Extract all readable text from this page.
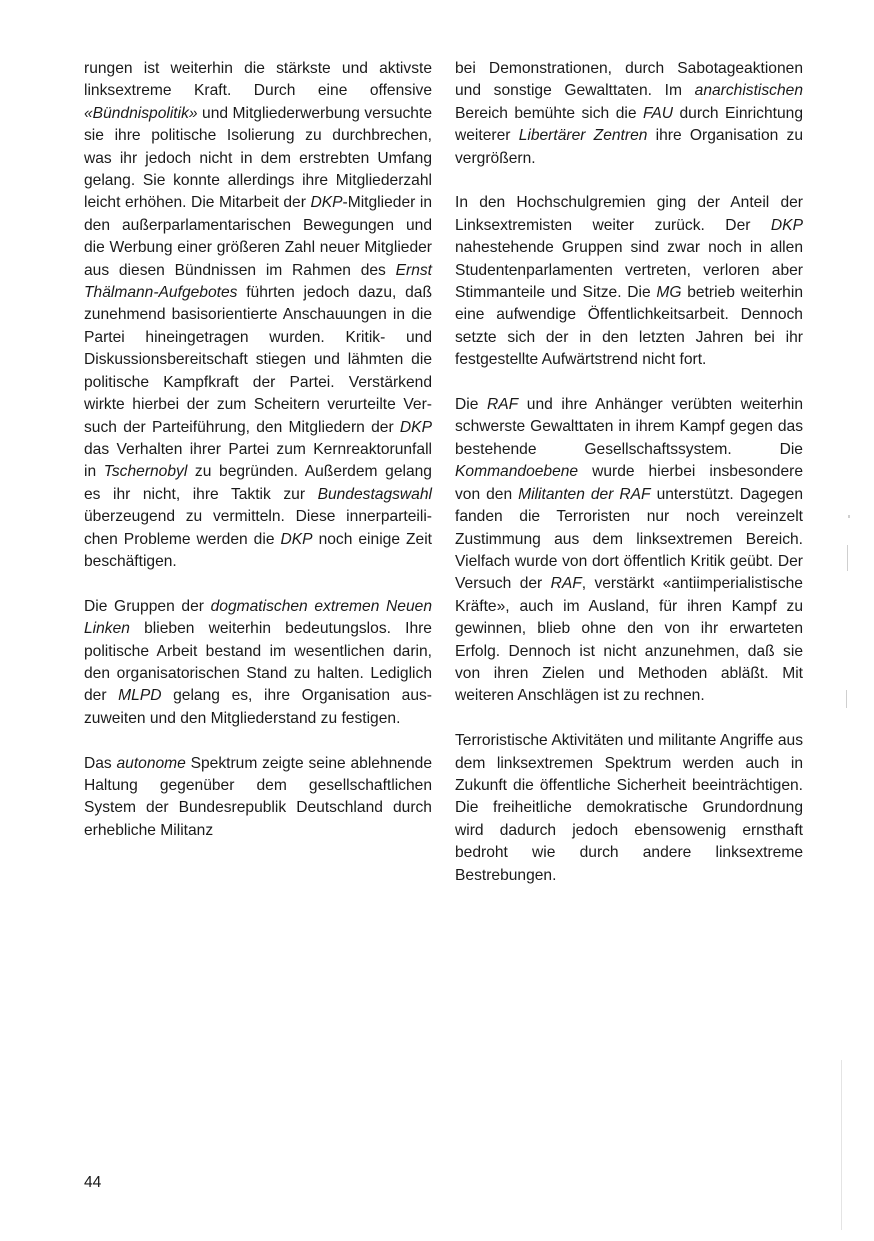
rungen ist weiterhin die stärkste und aktivste linksextreme Kraft. Durch eine offensive «Bündnispolitik» und Mitgliederwerbung versuchte sie ihre politische Isolierung zu durchbrechen, was ihr jedoch nicht in dem erstrebten Umfang gelang. Sie konnte allerdings ihre Mitgliederzahl leicht erhöhen. Die Mitarbeit der DKP-Mitglieder in den außerparlamentarischen Bewegungen und die Werbung einer größeren Zahl neuer Mitglieder aus diesen Bündnissen im Rahmen des Ernst Thälmann-Aufgebotes führten jedoch dazu, daß zunehmend basisorientierte Anschauungen in die Partei hineingetragen wurden. Kritik- und Diskussionsbereitschaft stiegen und lähmten die politische Kampfkraft der Partei. Verstärkend wirkte hierbei der zum Scheitern verurteilte Versuch der Parteiführung, den Mitgliedern der DKP das Verhalten ihrer Partei zum Kernreaktorunfall in Tschernobyl zu begründen. Außerdem gelang es ihr nicht, ihre Taktik zur Bundestagswahl überzeugend zu vermitteln. Diese innerparteilichen Probleme werden die DKP noch einige Zeit beschäftigen.

Die Gruppen der dogmatischen extremen Neuen Linken blieben weiterhin bedeutungslos. Ihre politische Arbeit bestand im wesentlichen darin, den organisatorischen Stand zu halten. Lediglich der MLPD gelang es, ihre Organisation auszuweiten und den Mitgliederstand zu festigen.

Das autonome Spektrum zeigte seine ablehnende Haltung gegenüber dem gesellschaftlichen System der Bundesrepublik Deutschland durch erhebliche Militanz

bei Demonstrationen, durch Sabotageaktionen und sonstige Gewalttaten. Im anarchistischen Bereich bemühte sich die FAU durch Einrichtung weiterer Libertärer Zentren ihre Organisation zu vergrößern.

In den Hochschulgremien ging der Anteil der Linksextremisten weiter zurück. Der DKP nahestehende Gruppen sind zwar noch in allen Studentenparlamenten vertreten, verloren aber Stimmanteile und Sitze. Die MG betrieb weiterhin eine aufwendige Öffentlichkeitsarbeit. Dennoch setzte sich der in den letzten Jahren bei ihr festgestellte Aufwärtstrend nicht fort.

Die RAF und ihre Anhänger verübten weiterhin schwerste Gewalttaten in ihrem Kampf gegen das bestehende Gesellschaftssystem. Die Kommandoebene wurde hierbei insbesondere von den Militanten der RAF unterstützt. Dagegen fanden die Terroristen nur noch vereinzelt Zustimmung aus dem linksextremen Bereich. Vielfach wurde von dort öffentlich Kritik geübt. Der Versuch der RAF, verstärkt «antiimperialistische Kräfte», auch im Ausland, für ihren Kampf zu gewinnen, blieb ohne den von ihr erwarteten Erfolg. Dennoch ist nicht anzunehmen, daß sie von ihren Zielen und Methoden abläßt. Mit weiteren Anschlägen ist zu rechnen.

Terroristische Aktivitäten und militante Angriffe aus dem linksextremen Spektrum werden auch in Zukunft die öffentliche Sicherheit beeinträchtigen. Die freiheitliche demokratische Grundordnung wird dadurch jedoch ebensowenig ernsthaft bedroht wie durch andere linksextreme Bestrebungen.

44
